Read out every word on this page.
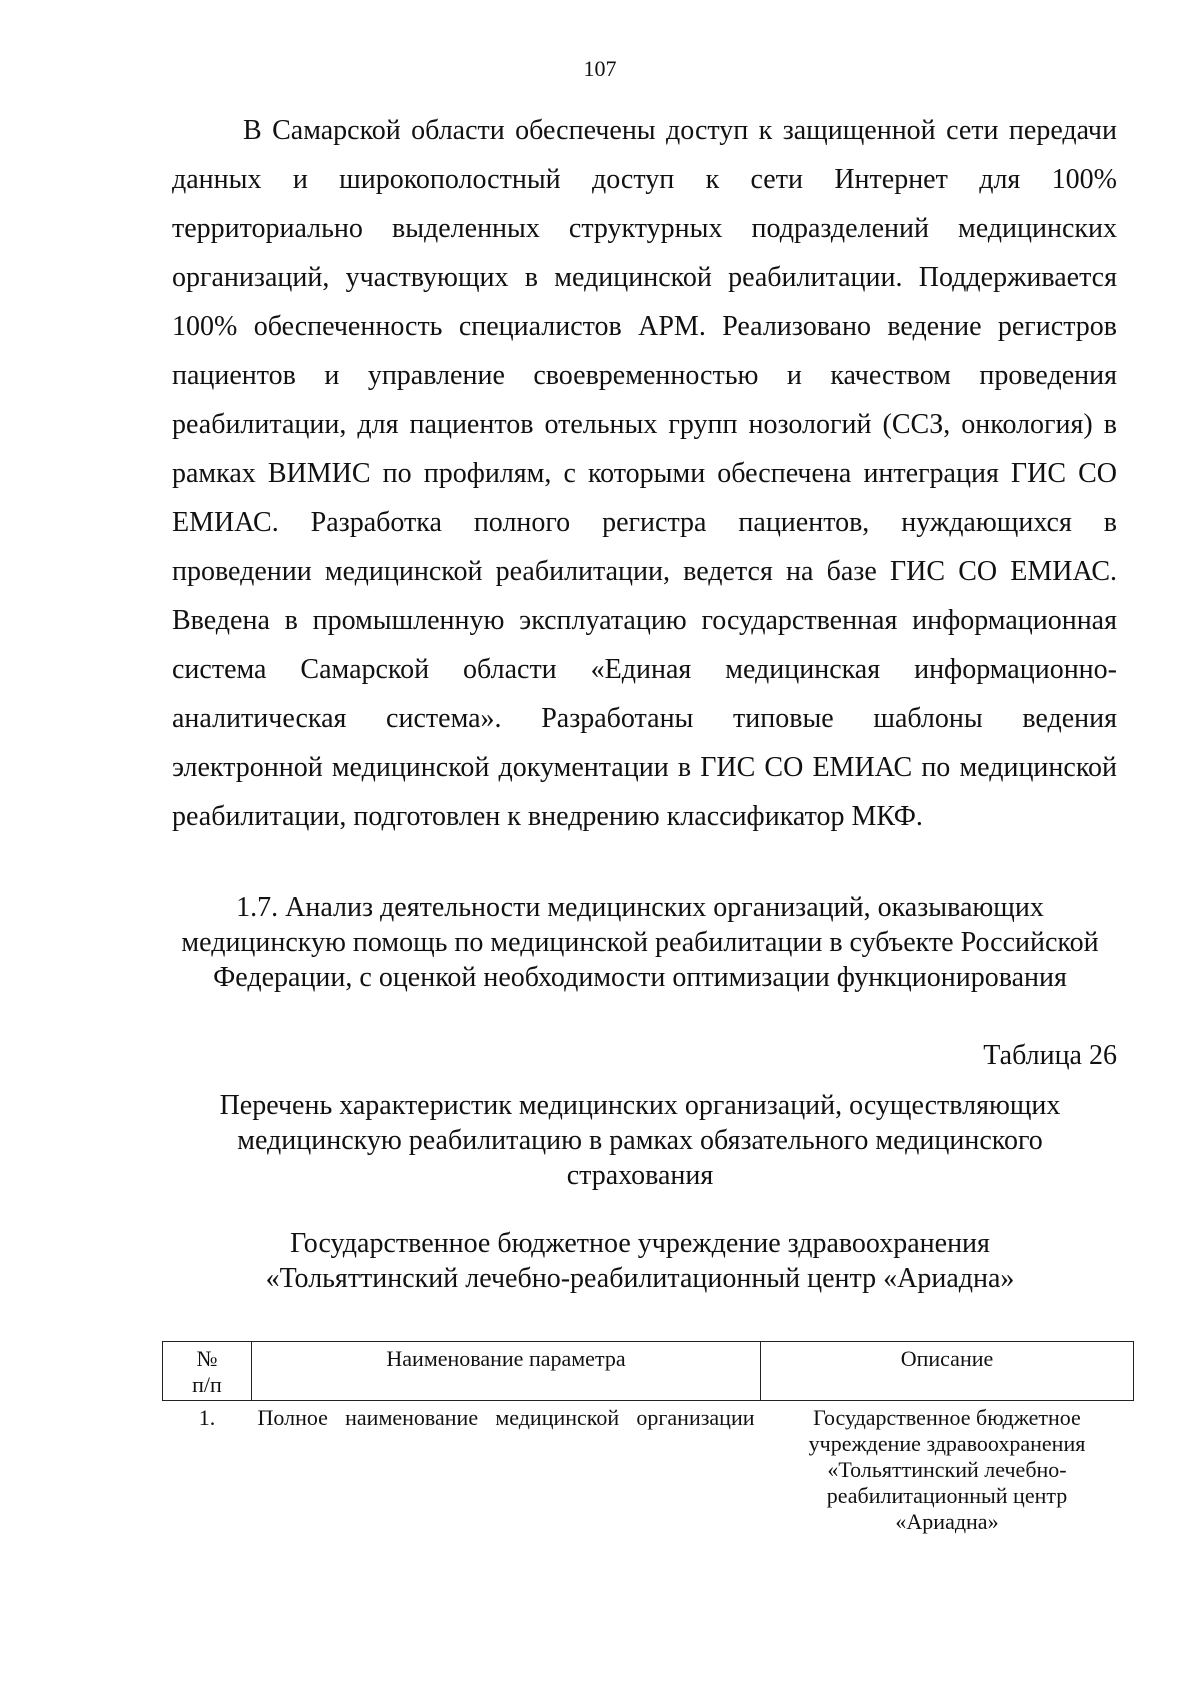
107
В Самарской области обеспечены доступ к защищенной сети передачи
данных и широкополостный доступ к сети Интернет для 100%
территориально выделенных структурных подразделений медицинских
организаций, участвующих в медицинской реабилитации. Поддерживается
100% обеспеченность специалистов АРМ. Реализовано ведение регистров
пациентов и управление своевременностью и качеством проведения
реабилитации, для пациентов отельных групп нозологий (ССЗ, онкология) в
рамках ВИМИС по профилям, с которыми обеспечена интеграция ГИС СО
ЕМИАС. Разработка полного регистра пациентов, нуждающихся в
проведении медицинской реабилитации, ведется на базе ГИС СО ЕМИАС.
Введена в промышленную эксплуатацию государственная информационная
система Самарской области «Единая медицинская информационно-
аналитическая система». Разработаны типовые шаблоны ведения
электронной медицинской документации в ГИС СО ЕМИАС по медицинской
реабилитации, подготовлен к внедрению классификатор МКФ.
1.7. Анализ деятельности медицинских организаций, оказывающих
медицинскую помощь по медицинской реабилитации в субъекте Российской
Федерации, с оценкой необходимости оптимизации функционирования
Таблица 26
Перечень характеристик медицинских организаций, осуществляющих
медицинскую реабилитацию в рамках обязательного медицинского
страхования
Государственное бюджетное учреждение здравоохранения
«Тольяттинский лечебно-реабилитационный центр «Ариадна»
№
п/п	Наименование параметра	Описание
1.	Полное наименование медицинской организации	Государственное бюджетное
учреждение здравоохранения
«Тольяттинский лечебно-
реабилитационный центр
«Ариадна»
